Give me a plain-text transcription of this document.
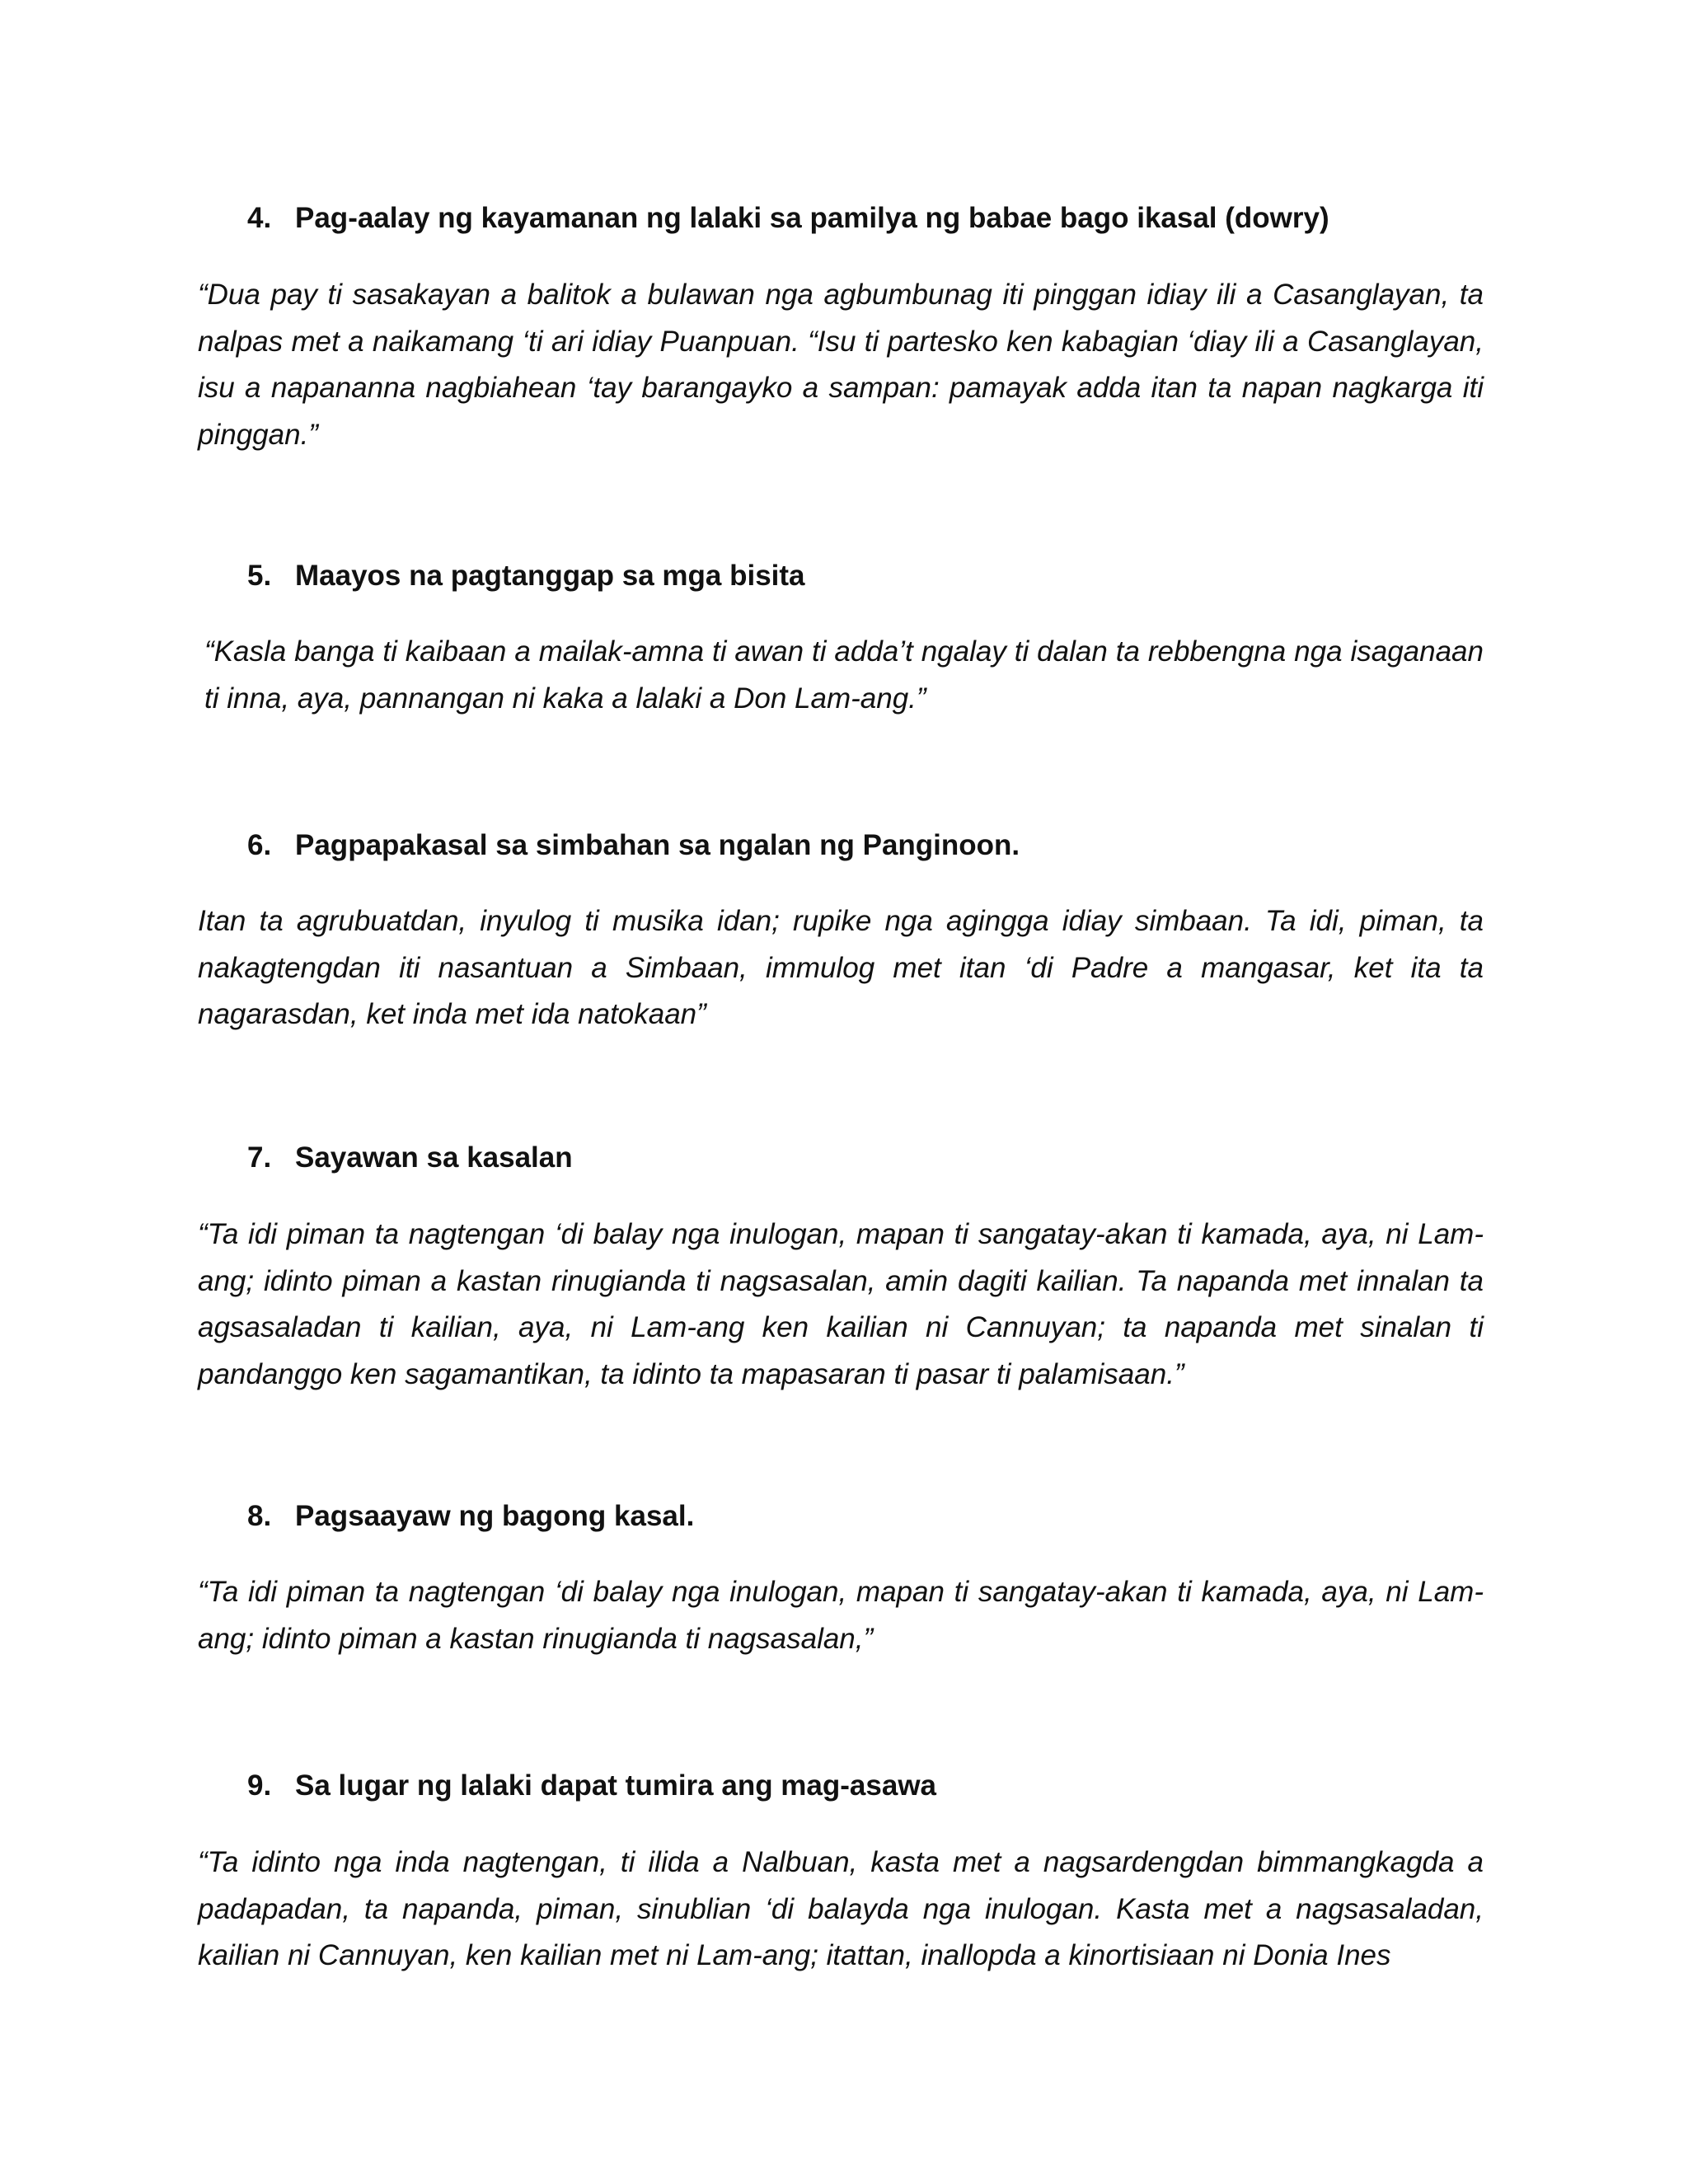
4. Pag-aalay ng kayamanan ng lalaki sa pamilya ng babae bago ikasal (dowry)
“Dua pay ti sasakayan a balitok a bulawan nga agbumbunag iti pinggan idiay ili a Casanglayan, ta nalpas met a naikamang ‘ti ari idiay Puanpuan. “Isu ti partesko ken kabagian ‘diay ili a Casanglayan, isu a napananna nagbiahean ‘tay barangayko a sampan: pamayak adda itan ta napan nagkarga iti pinggan.”
5. Maayos na pagtanggap sa mga bisita
“Kasla banga ti kaibaan a mailak-amna ti awan ti adda’t ngalay ti dalan ta rebbengna nga isaganaan ti inna, aya, pannangan ni kaka a lalaki a Don Lam-ang.”
6. Pagpapakasal sa simbahan sa ngalan ng Panginoon.
Itan ta agrubuatdan, inyulog ti musika idan; rupike nga agingga idiay simbaan. Ta idi, piman, ta nakagtengdan iti nasantuan a Simbaan, immulog met itan ‘di Padre a mangasar, ket ita ta nagarasdan, ket inda met ida natokaan”
7. Sayawan sa kasalan
“Ta idi piman ta nagtengan ‘di balay nga inulogan, mapan ti sangatay-akan ti kamada, aya, ni Lam-ang; idinto piman a kastan rinugianda ti nagsasalan, amin dagiti kailian. Ta napanda met innalan ta agsasaladan ti kailian, aya, ni Lam-ang ken kailian ni Cannuyan; ta napanda met sinalan ti pandanggo ken sagamantikan, ta idinto ta mapasaran ti pasar ti palamisaan.”
8. Pagsaayaw ng bagong kasal.
“Ta idi piman ta nagtengan ‘di balay nga inulogan, mapan ti sangatay-akan ti kamada, aya, ni Lam-ang; idinto piman a kastan rinugianda ti nagsasalan,”
9. Sa lugar ng lalaki dapat tumira ang mag-asawa
“Ta idinto nga inda nagtengan, ti ilida a Nalbuan, kasta met a nagsardengdan bimmangkagda a padapadan, ta napanda, piman, sinublian ‘di balayda nga inulogan. Kasta met a nagsasaladan, kailian ni Cannuyan, ken kailian met ni Lam-ang; itattan, inallopda a kinortisiaan ni Donia Ines
